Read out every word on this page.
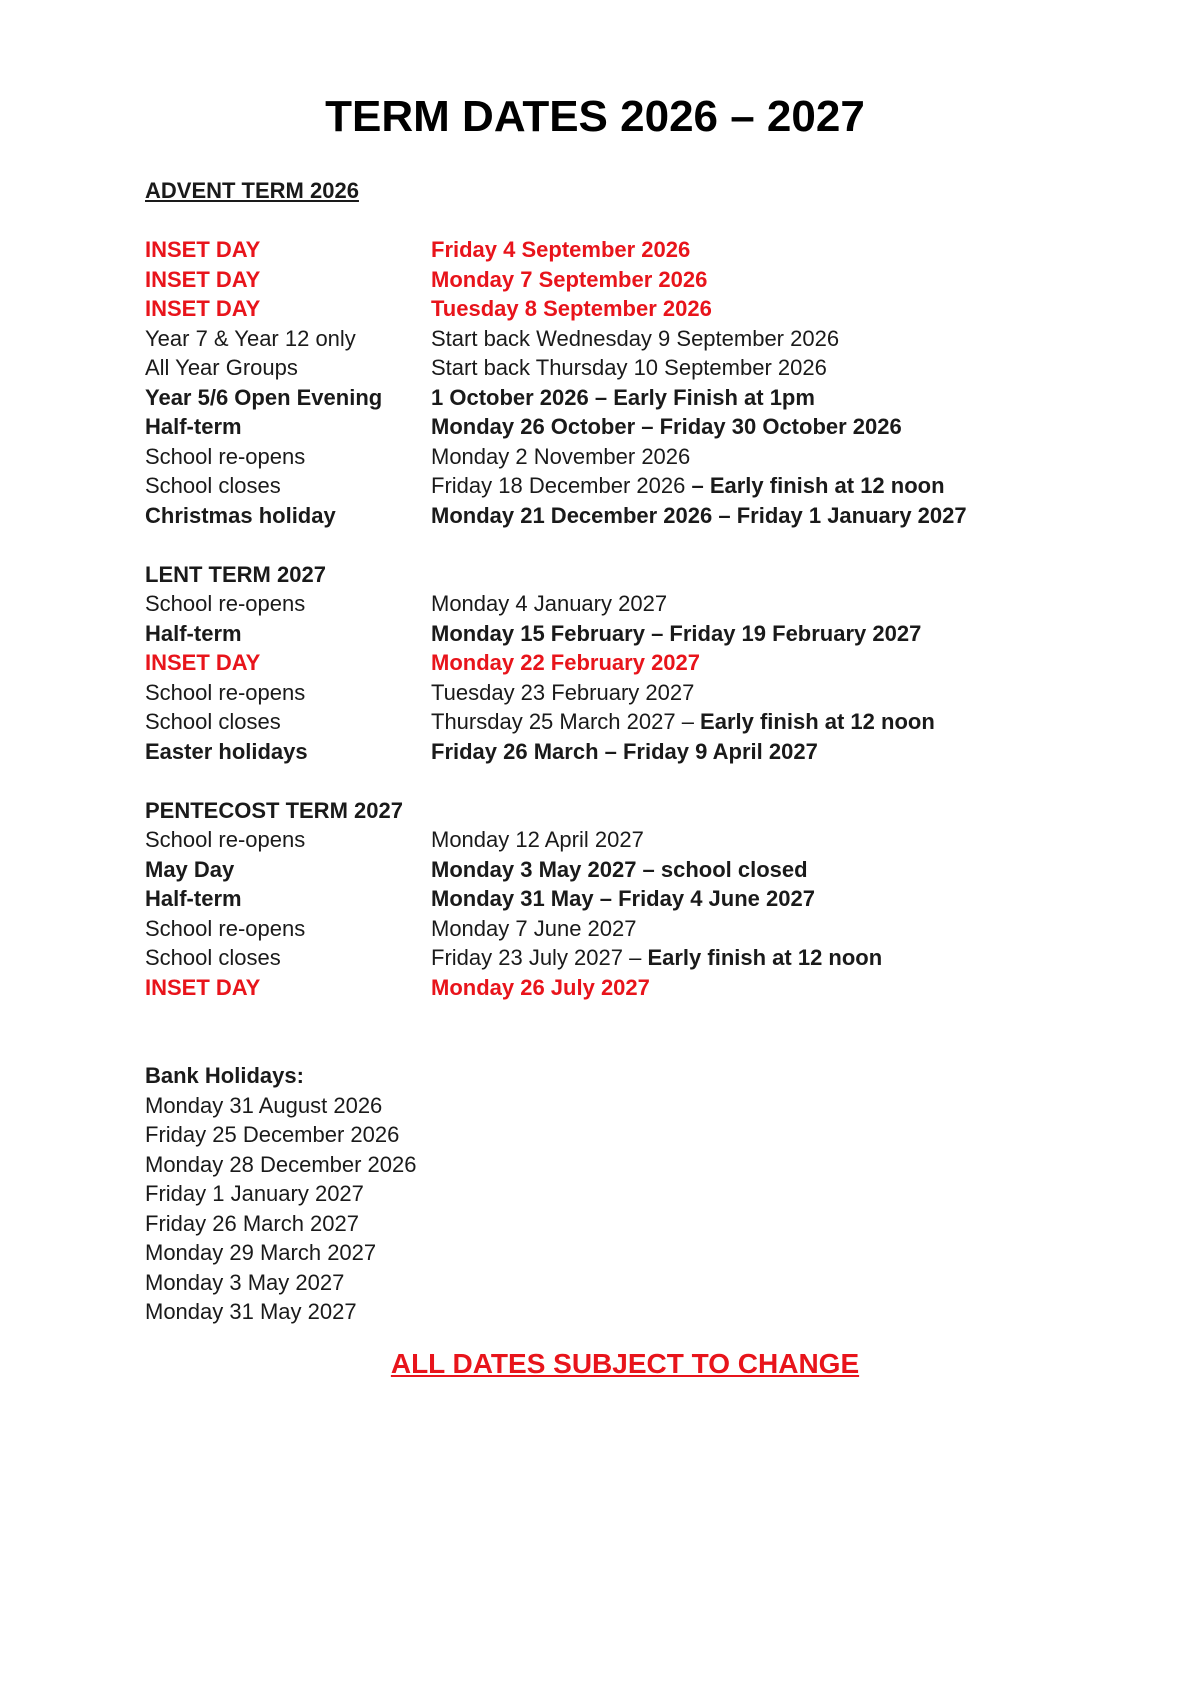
TERM DATES 2026 – 2027
ADVENT TERM 2026
INSET DAY	Friday 4 September 2026
INSET DAY	Monday 7 September 2026
INSET DAY	Tuesday 8 September 2026
Year 7 & Year 12 only	Start back Wednesday 9 September 2026
All Year Groups	Start back Thursday 10 September 2026
Year 5/6 Open Evening	1 October 2026 – Early Finish at 1pm
Half-term	Monday 26 October – Friday 30 October 2026
School re-opens	Monday 2 November 2026
School closes	Friday 18 December 2026 – Early finish at 12 noon
Christmas holiday	Monday 21 December 2026 – Friday 1 January 2027
LENT TERM 2027
School re-opens	Monday 4 January 2027
Half-term	Monday 15 February – Friday 19 February 2027
INSET DAY	Monday 22 February 2027
School re-opens	Tuesday 23 February 2027
School closes	Thursday 25 March 2027 – Early finish at 12 noon
Easter holidays	Friday 26 March – Friday 9 April 2027
PENTECOST TERM 2027
School re-opens	Monday 12 April 2027
May Day	Monday 3 May 2027 – school closed
Half-term	Monday 31 May – Friday 4 June 2027
School re-opens	Monday 7 June 2027
School closes	Friday 23 July 2027 – Early finish at 12 noon
INSET DAY	Monday 26 July 2027
Bank Holidays:
Monday 31 August 2026
Friday 25 December 2026
Monday 28 December 2026
Friday 1 January 2027
Friday 26 March 2027
Monday 29 March 2027
Monday 3 May 2027
Monday 31 May 2027
ALL DATES SUBJECT TO CHANGE
